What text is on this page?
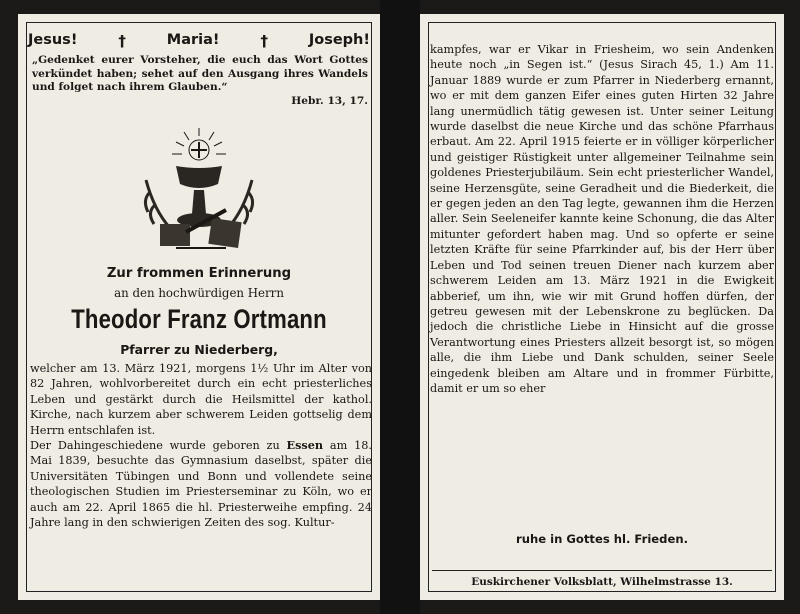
Jesus!	†	Maria!	†	Joseph!
„Gedenket eurer Vorsteher, die euch das Wort Gottes verkündet haben; sehet auf den Ausgang ihres Wandels und folget nach ihrem Glauben.“
Hebr. 13, 17.
Zur frommen Erinnerung
an den hochwürdigen Herrn
Theodor Franz Ortmann
Pfarrer zu Niederberg,

welcher am 13. März 1921, morgens 1½ Uhr im Alter von 82 Jahren, wohlvorbereitet durch ein echt priesterliches Leben und gestärkt durch die Heilsmittel der kathol. Kirche, nach kurzem aber schwerem Leiden gottselig dem Herrn entschlafen ist.

Der Dahingeschiedene wurde geboren zu Essen am 18. Mai 1839, besuchte das Gymnasium daselbst, später die Universitäten Tübingen und Bonn und vollendete seine theologischen Studien im Priesterseminar zu Köln, wo er auch am 22. April 1865 die hl. Priesterweihe empfing. 24 Jahre lang in den schwierigen Zeiten des sog. Kultur-

kampfes, war er Vikar in Friesheim, wo sein Andenken heute noch „in Segen ist.“ (Jesus Sirach 45, 1.) Am 11. Januar 1889 wurde er zum Pfarrer in Niederberg ernannt, wo er mit dem ganzen Eifer eines guten Hirten 32 Jahre lang unermüdlich tätig gewesen ist. Unter seiner Leitung wurde daselbst die neue Kirche und das schöne Pfarrhaus erbaut. Am 22. April 1915 feierte er in völliger körperlicher und geistiger Rüstigkeit unter allgemeiner Teilnahme sein goldenes Priesterjubiläum. Sein echt priesterlicher Wandel, seine Herzensgüte, seine Geradheit und die Biederkeit, die er gegen jeden an den Tag legte, gewannen ihm die Herzen aller. Sein Seeleneifer kannte keine Schonung, die das Alter mitunter gefordert haben mag. Und so opferte er seine letzten Kräfte für seine Pfarrkinder auf, bis der Herr über Leben und Tod seinen treuen Diener nach kurzem aber schwerem Leiden am 13. März 1921 in die Ewigkeit abberief, um ihn, wie wir mit Grund hoffen dürfen, der getreu gewesen mit der Lebenskrone zu beglücken. Da jedoch die christliche Liebe in Hinsicht auf die grosse Verantwortung eines Priesters allzeit besorgt ist, so mögen alle, die ihm Liebe und Dank schulden, seiner Seele eingedenk bleiben am Altare und in frommer Fürbitte, damit er um so eher
ruhe in Gottes hl. Frieden.
Euskirchener Volksblatt, Wilhelmstrasse 13.
